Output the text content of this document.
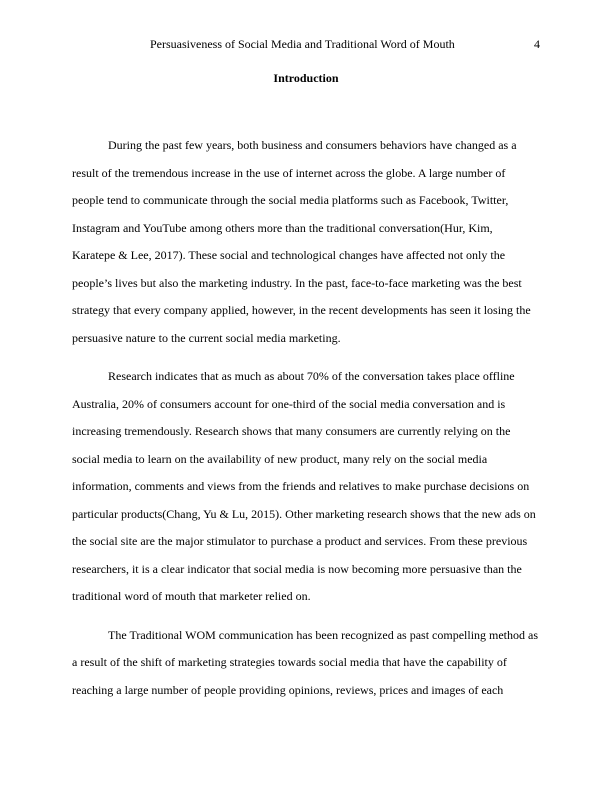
Persuasiveness of Social Media and Traditional Word of Mouth	4
Introduction
During the past few years, both business and consumers behaviors have changed as a
result of the tremendous increase in the use of internet across the globe. A large number of
people tend to communicate through the social media platforms such as Facebook, Twitter,
Instagram and YouTube among others more than the traditional conversation(Hur, Kim,
Karatepe & Lee, 2017). These social and technological changes have affected not only the
people’s lives but also the marketing industry. In the past, face-to-face marketing was the best
strategy that every company applied, however, in the recent developments has seen it losing the
persuasive nature to the current social media marketing.
Research indicates that as much as about 70% of the conversation takes place offline
Australia, 20% of consumers account for one-third of the social media conversation and is
increasing tremendously. Research shows that many consumers are currently relying on the
social media to learn on the availability of new product, many rely on the social media
information, comments and views from the friends and relatives to make purchase decisions on
particular products(Chang, Yu & Lu, 2015). Other marketing research shows that the new ads on
the social site are the major stimulator to purchase a product and services. From these previous
researchers, it is a clear indicator that social media is now becoming more persuasive than the
traditional word of mouth that marketer relied on.
The Traditional WOM communication has been recognized as past compelling method as
a result of the shift of marketing strategies towards social media that have the capability of
reaching a large number of people providing opinions, reviews, prices and images of each
